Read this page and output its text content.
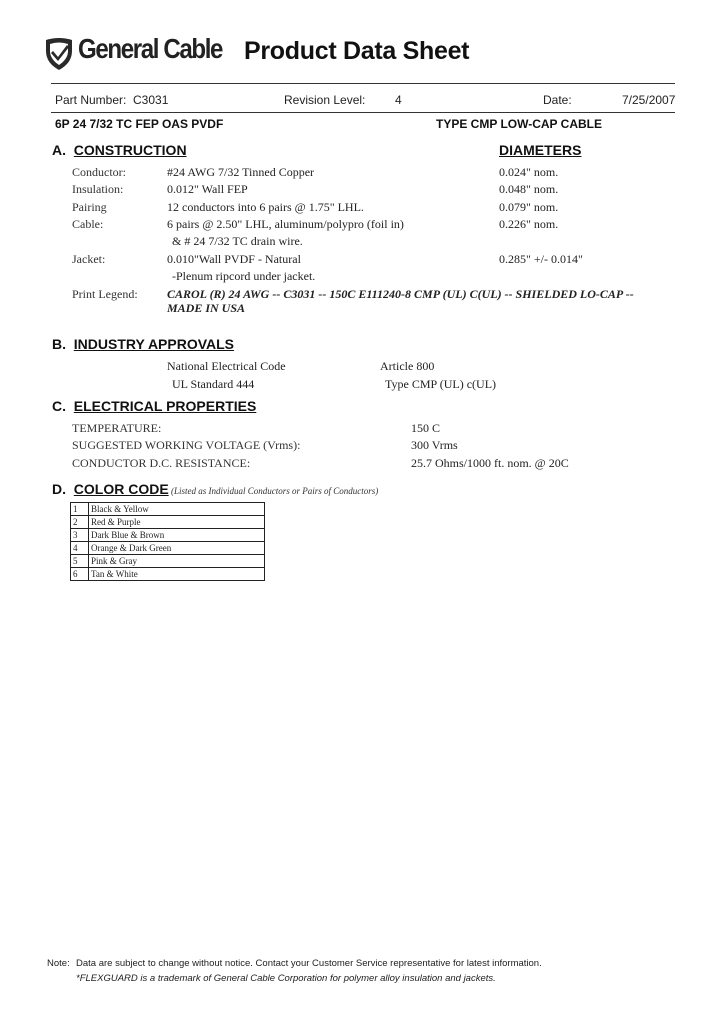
General Cable Product Data Sheet
Part Number: C3031	Revision Level: 4	Date:	7/25/2007
6P 24 7/32 TC FEP OAS PVDF	TYPE CMP LOW-CAP CABLE
A. CONSTRUCTION	DIAMETERS
Conductor:	#24 AWG 7/32 Tinned Copper	0.024" nom.
Insulation:	0.012" Wall FEP	0.048" nom.
Pairing	12 conductors into 6 pairs @ 1.75" LHL.	0.079" nom.
Cable:	6 pairs @ 2.50" LHL, aluminum/polypro (foil in)	0.226" nom.
& # 24 7/32 TC drain wire.
Jacket:	0.010"Wall PVDF - Natural	0.285" +/- 0.014"
-Plenum ripcord under jacket.
Print Legend: CAROL (R) 24 AWG -- C3031 -- 150C E111240-8 CMP (UL) C(UL) -- SHIELDED LO-CAP --
MADE IN USA
B. INDUSTRY APPROVALS
National Electrical Code	Article 800
UL Standard 444	Type CMP (UL) c(UL)
C. ELECTRICAL PROPERTIES
TEMPERATURE:	150 C
SUGGESTED WORKING VOLTAGE (Vrms):	300 Vrms
CONDUCTOR D.C. RESISTANCE:	25.7 Ohms/1000 ft. nom. @ 20C
D. COLOR CODE (Listed as Individual Conductors or Pairs of Conductors)
1	Black & Yellow
2	Red & Purple
3	Dark Blue & Brown
4	Orange & Dark Green
5	Pink & Gray
6	Tan & White
Note: Data are subject to change without notice. Contact your Customer Service representative for latest information.
*FLEXGUARD is a trademark of General Cable Corporation for polymer alloy insulation and jackets.
